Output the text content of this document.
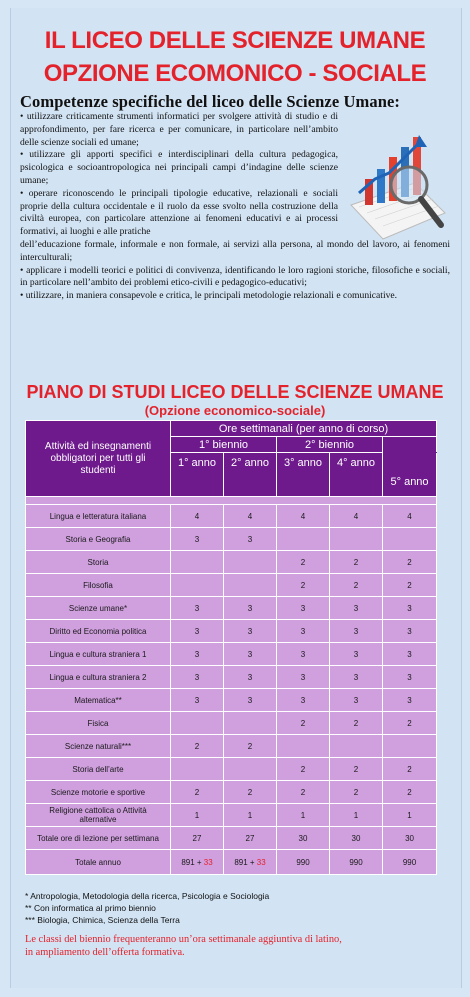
IL LICEO DELLE SCIENZE UMANE
OPZIONE ECOMONICO - SOCIALE
Competenze specifiche del liceo delle Scienze Umane:

• utilizzare criticamente strumenti informatici per svolgere attività di studio e di approfondimento, per fare ricerca e per comunicare, in particolare nell’ambito delle scienze sociali ed umane;

• utilizzare gli apporti specifici e interdisciplinari della cultura pedagogica, psicologica e socioantropologica nei principali campi d’indagine delle scienze umane;

• operare riconoscendo le principali tipologie educative, relazionali e sociali proprie della cultura occidentale e il ruolo da esse svolto nella costruzione della civiltà europea, con particolare attenzione ai fenomeni educativi e ai processi formativi, ai luoghi e alle pratiche

dell’educazione formale, informale e non formale, ai servizi alla persona, al mondo del lavoro, ai fenomeni interculturali;

• applicare i modelli teorici e politici di convivenza, identificando le loro ragioni storiche, filosofiche e sociali, in particolare nell’ambito dei problemi etico-civili e pedagogico-educativi;

• utilizzare, in maniera consapevole e critica, le principali metodologie relazionali e comunicative.

PIANO DI STUDI LICEO DELLE SCIENZE UMANE
(Opzione economico-sociale)
Attività ed insegnamenti obbligatori per tutti gli studenti	Ore settimanali (per anno di corso)				
	1° biennio		2° biennio		
	1° anno	2° anno	3° anno	4° anno	5° anno

Lingua e letteratura italiana	4	4	4	4	4
Storia e Geografia	3	3			
Storia			2	2	2
Filosofia			2	2	2
Scienze umane*	3	3	3	3	3
Diritto ed Economia politica	3	3	3	3	3
Lingua e cultura straniera 1	3	3	3	3	3
Lingua e cultura straniera 2	3	3	3	3	3
Matematica**	3	3	3	3	3
Fisica			2	2	2
Scienze naturali***	2	2			
Storia dell’arte			2	2	2
Scienze motorie e sportive	2	2	2	2	2
Religione cattolica o Attività alternative	1	1	1	1	1
Totale ore di lezione per settimana	27	27	30	30	30
Totale annuo	891 + 33	891 + 33	990	990	990

* Antropologia, Metodologia della ricerca, Psicologia e Sociologia

** Con informatica al primo biennio

*** Biologia, Chimica, Scienza della Terra

Le classi del biennio frequenteranno un’ora settimanale aggiuntiva di latino,

in ampliamento dell’offerta formativa.
